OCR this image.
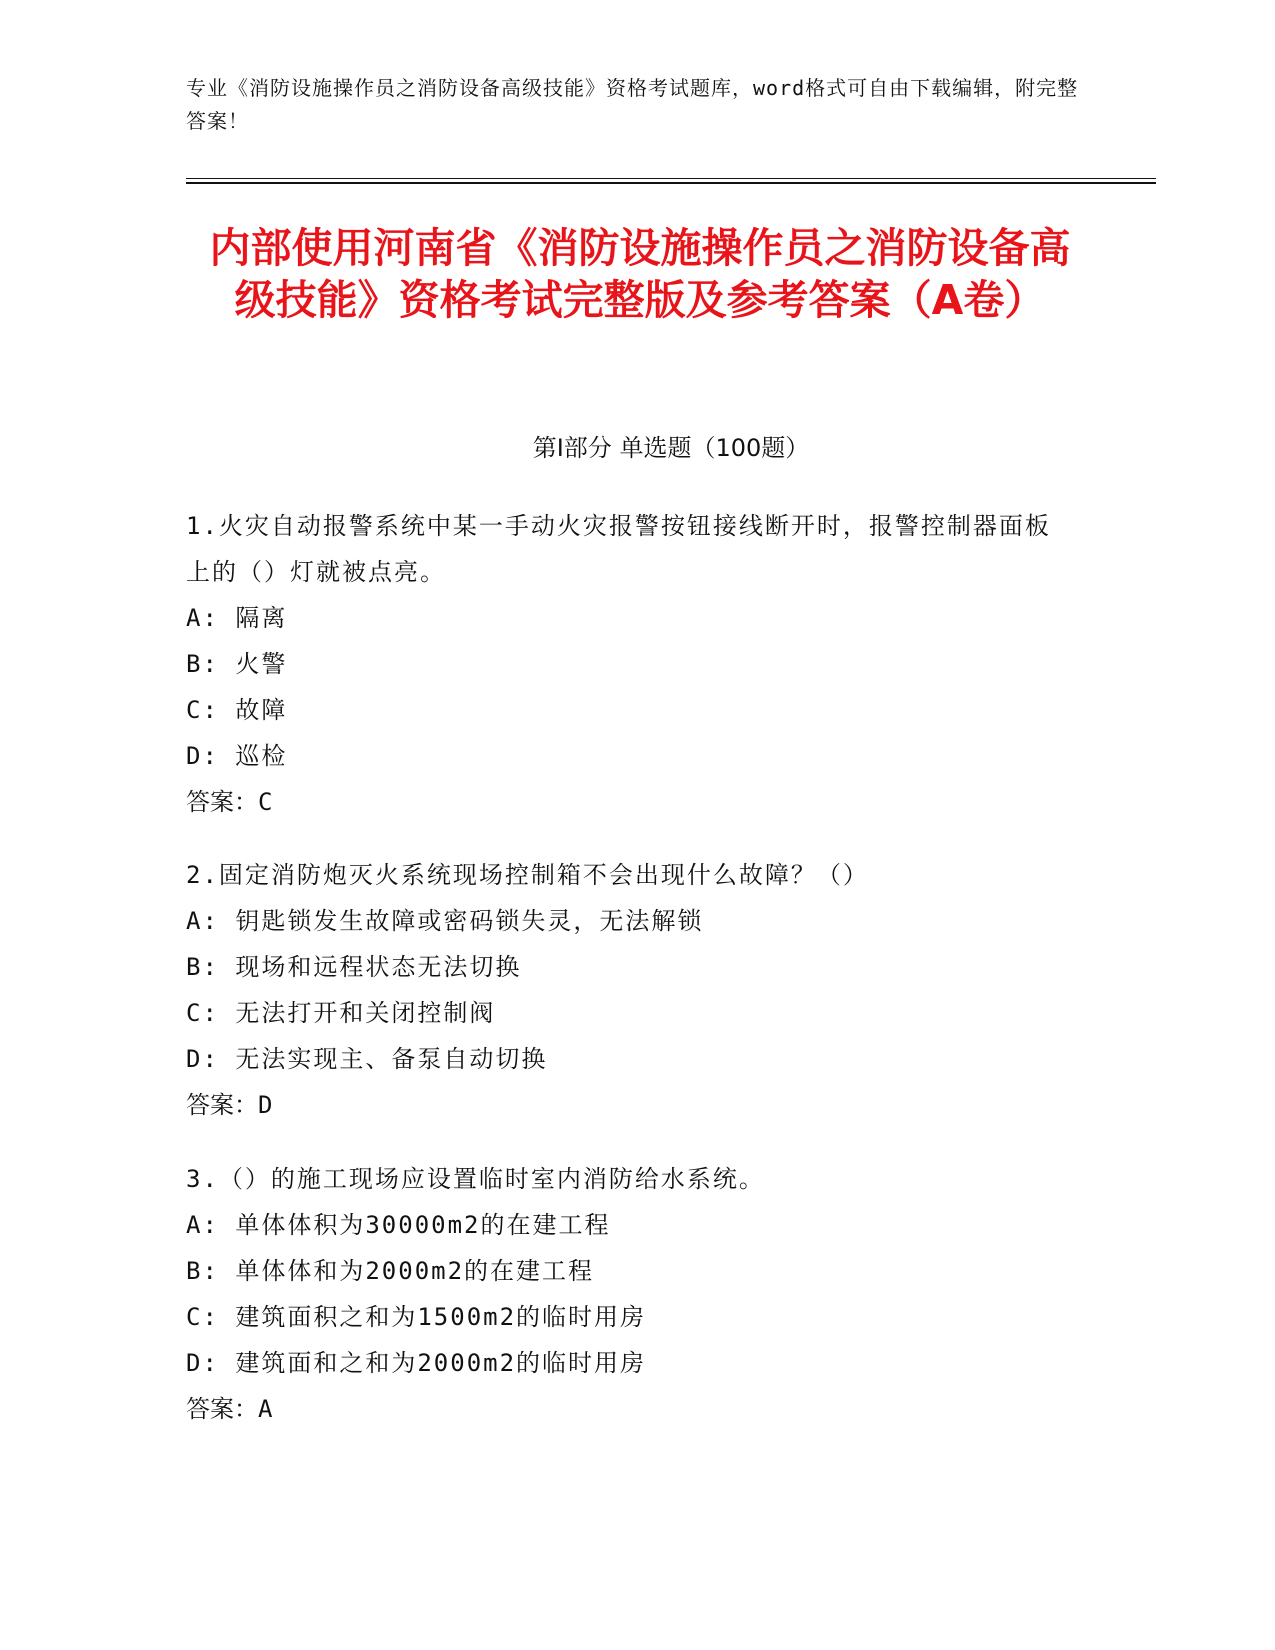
专业《消防设施操作员之消防设备高级技能》资格考试题库，word格式可自由下载编辑，附完整答案！
内部使用河南省《消防设施操作员之消防设备高级技能》资格考试完整版及参考答案（A卷）
第Ⅰ部分 单选题（100题）

1.火灾自动报警系统中某一手动火灾报警按钮接线断开时，报警控制器面板上的（）灯就被点亮。

A: 隔离

B: 火警

C: 故障

D: 巡检

答案：C

2.固定消防炮灭火系统现场控制箱不会出现什么故障？（）

A: 钥匙锁发生故障或密码锁失灵，无法解锁

B: 现场和远程状态无法切换

C: 无法打开和关闭控制阀

D: 无法实现主、备泵自动切换

答案：D

3.（）的施工现场应设置临时室内消防给水系统。

A: 单体体积为30000m2的在建工程

B: 单体体和为2000m2的在建工程

C: 建筑面积之和为1500m2的临时用房

D: 建筑面和之和为2000m2的临时用房

答案：A
